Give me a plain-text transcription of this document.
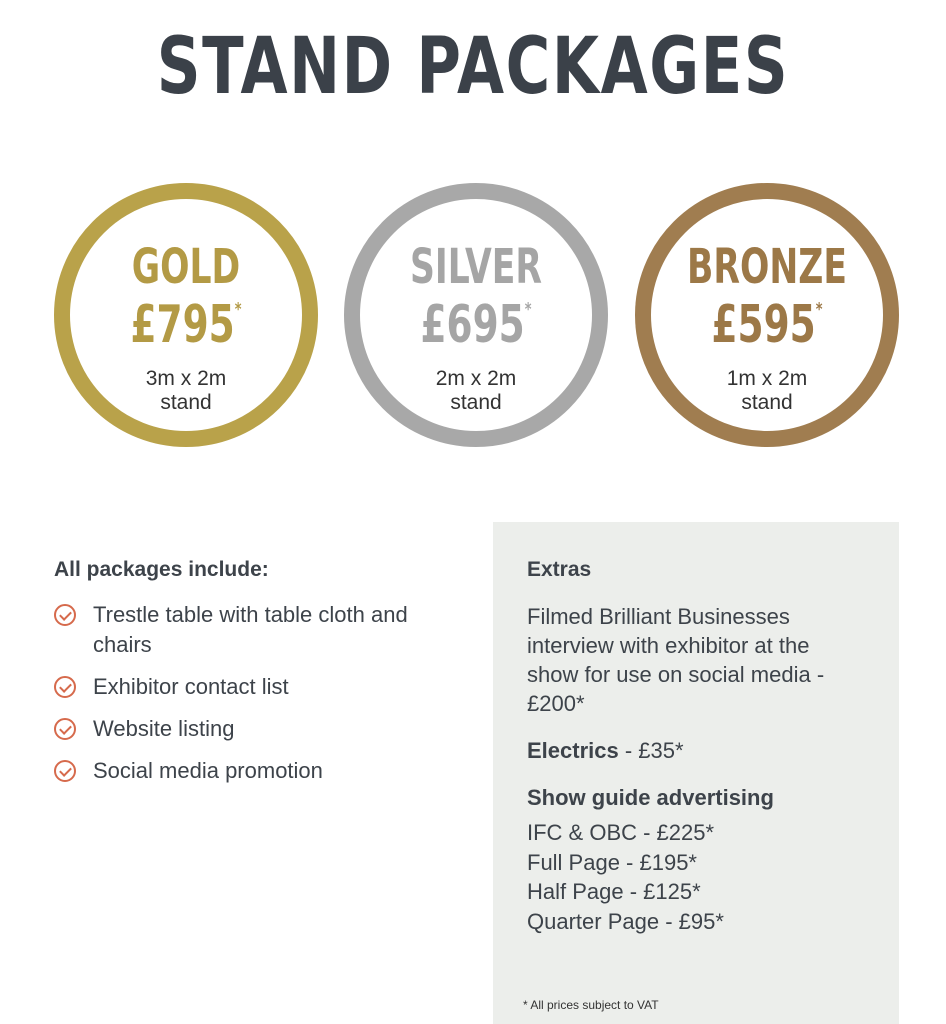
STAND PACKAGES
GOLD
£795*
3m x 2m
stand
SILVER
£695*
2m x 2m
stand
BRONZE
£595*
1m x 2m
stand
All packages include:
Trestle table with table cloth and chairs
Exhibitor contact list
Website listing
Social media promotion
Extras
Filmed Brilliant Businesses interview with exhibitor at the show for use on social media - £200*
Electrics - £35*
Show guide advertising
IFC & OBC - £225*
Full Page - £195*
Half Page - £125*
Quarter Page - £95*
* All prices subject to VAT
